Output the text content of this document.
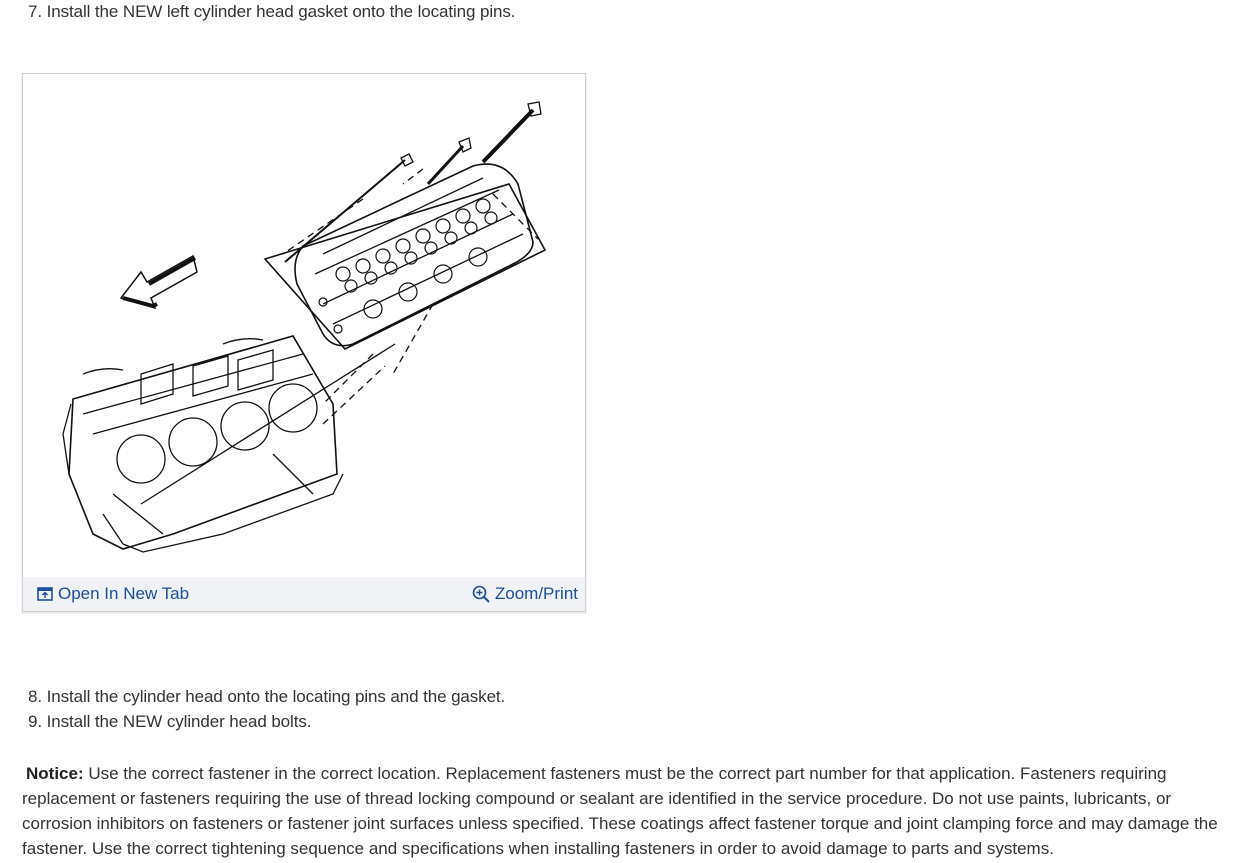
7. Install the NEW left cylinder head gasket onto the locating pins.
Open In New Tab	Zoom/Print
8. Install the cylinder head onto the locating pins and the gasket.
9. Install the NEW cylinder head bolts.
Notice: Use the correct fastener in the correct location. Replacement fasteners must be the correct part number for that application. Fasteners requiring replacement or fasteners requiring the use of thread locking compound or sealant are identified in the service procedure. Do not use paints, lubricants, or corrosion inhibitors on fasteners or fastener joint surfaces unless specified. These coatings affect fastener torque and joint clamping force and may damage the fastener. Use the correct tightening sequence and specifications when installing fasteners in order to avoid damage to parts and systems.
